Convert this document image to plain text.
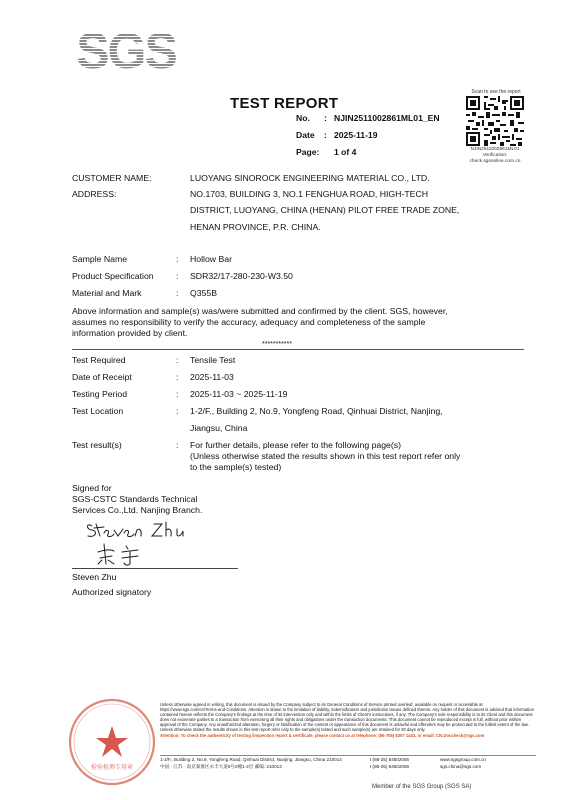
SGS
TEST REPORT
No. : NJIN2511002861ML01_EN
Date : 2025-11-19
Page: 1 of 4
Scan to see the report
NJIN2511002861ML01
Verification:
check.sgsonline.com.cn
CUSTOMER NAME:	LUOYANG SINOROCK ENGINEERING MATERIAL CO., LTD.
ADDRESS:	NO.1703, BUILDING 3, NO.1 FENGHUA ROAD, HIGH-TECH
DISTRICT, LUOYANG, CHINA (HENAN) PILOT FREE TRADE ZONE,
HENAN PROVINCE, P.R. CHINA.
Sample Name	: Hollow Bar
Product Specification	: SDR32/17-280-230-W3.50
Material and Mark	: Q355B
Above information and sample(s) was/were submitted and confirmed by the client. SGS, however,
assumes no responsibility to verify the accuracy, adequacy and completeness of the sample
information provided by client.
***********
Test Required	: Tensile Test
Date of Receipt	: 2025-11-03
Testing Period	: 2025-11-03 ~ 2025-11-19
Test Location	: 1-2/F., Building 2, No.9, Yongfeng Road, Qinhuai District, Nanjing,
Jiangsu, China
Test result(s)	: For further details, please refer to the following page(s)
(Unless otherwise stated the results shown in this test report refer only
to the sample(s) tested)
Signed for
SGS-CSTC Standards Technical
Services Co.,Ltd. Nanjing Branch.
Steven Zhu
Authorized signatory
检验检测专用章
Unless otherwise agreed in writing, this document is issued by the Company subject to its General Conditions of Service printed overleaf, available on request or accessible at https://www.sgs.com/en/Terms-and-Conditions. Attention is drawn to the limitation of liability, indemnification and jurisdiction issues defined therein. Any holder of this document is advised that information contained hereon reflects the Company's findings at the time of its intervention only and within the limits of Client's instructions, if any. The Company's sole responsibility is to its Client and this document does not exonerate parties to a transaction from exercising all their rights and obligations under the transaction documents. This document cannot be reproduced except in full, without prior written approval of the Company. Any unauthorized alteration, forgery or falsification of the content or appearance of this document is unlawful and offenders may be prosecuted to the fullest extent of the law. Unless otherwise stated the results shown in this test report refer only to the sample(s) tested and such sample(s) are retained for 30 days only.
Attention: To check the authenticity of testing /inspection report & certificate, please contact us at telephone: (86-755) 8307 1443, or email: CN.Doccheck@sgs.com
1-2/F., Building 2, No.9, Yongfeng Road, Qinhuai District, Nanjing, Jiangsu, China 210014	t (86-25) 84502056	www.sgsgroup.com.cn
中国 · 江苏 · 南京秦淮区永丰大道9号2幢1-2层 邮编: 210014	t (86-25) 84502056	sgs.china@sgs.com
Member of the SGS Group (SGS SA)
